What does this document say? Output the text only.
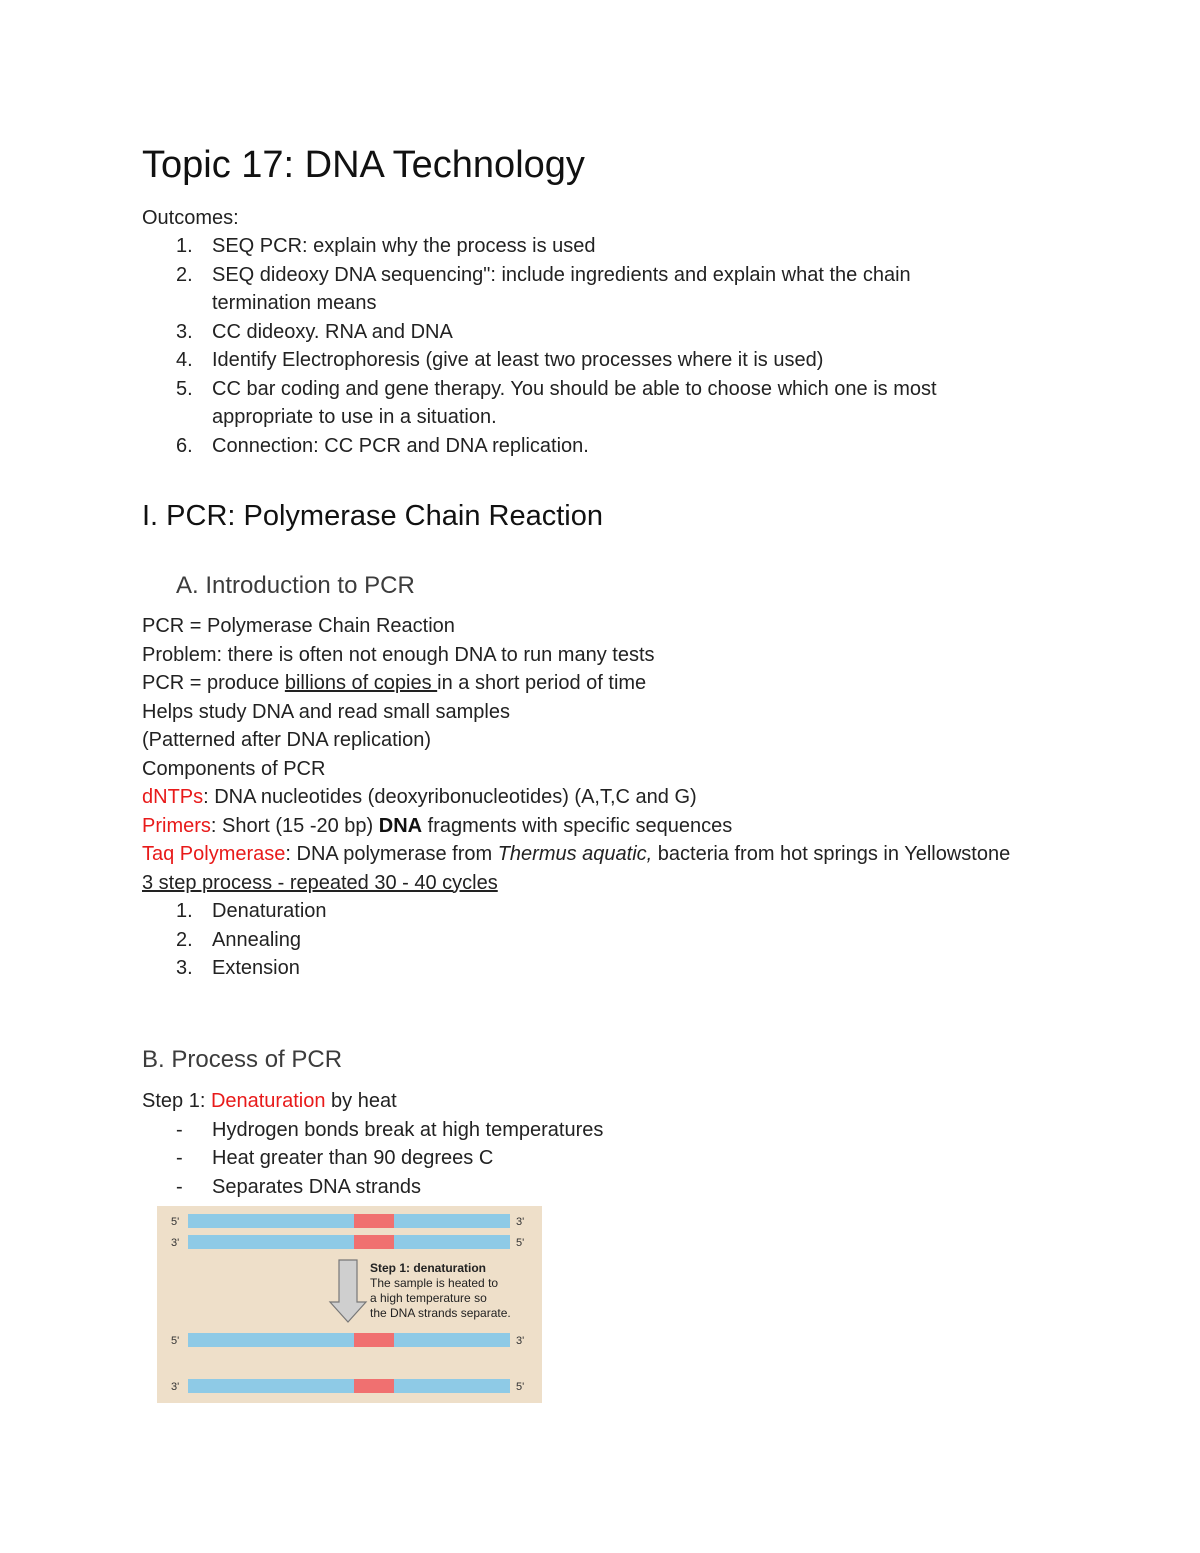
Topic 17: DNA Technology
Outcomes:
1. SEQ PCR: explain why the process is used
2. SEQ dideoxy DNA sequencing": include ingredients and explain what the chain termination means
3. CC dideoxy. RNA and DNA
4. Identify Electrophoresis (give at least two processes where it is used)
5. CC bar coding and gene therapy. You should be able to choose which one is most appropriate to use in a situation.
6. Connection: CC PCR and DNA replication.
I. PCR: Polymerase Chain Reaction
A. Introduction to PCR

PCR = Polymerase Chain Reaction

Problem: there is often not enough DNA to run many tests

PCR = produce billions of copies in a short period of time

Helps study DNA and read small samples

(Patterned after DNA replication)

Components of PCR

dNTPs: DNA nucleotides (deoxyribonucleotides) (A,T,C and G)

Primers: Short (15 -20 bp) DNA fragments with specific sequences

Taq Polymerase: DNA polymerase from Thermus aquatic, bacteria from hot springs in Yellowstone

3 step process - repeated 30 - 40 cycles

1. Denaturation
2. Annealing
3. Extension
B. Process of PCR

Step 1: Denaturation by heat

- Hydrogen bonds break at high temperatures
- Heat greater than 90 degrees C
- Separates DNA strands
5'	3'
3'	5'
Step 1: denaturation
The sample is heated to
a high temperature so
the DNA strands separate.
5'	3'
3'	5'
